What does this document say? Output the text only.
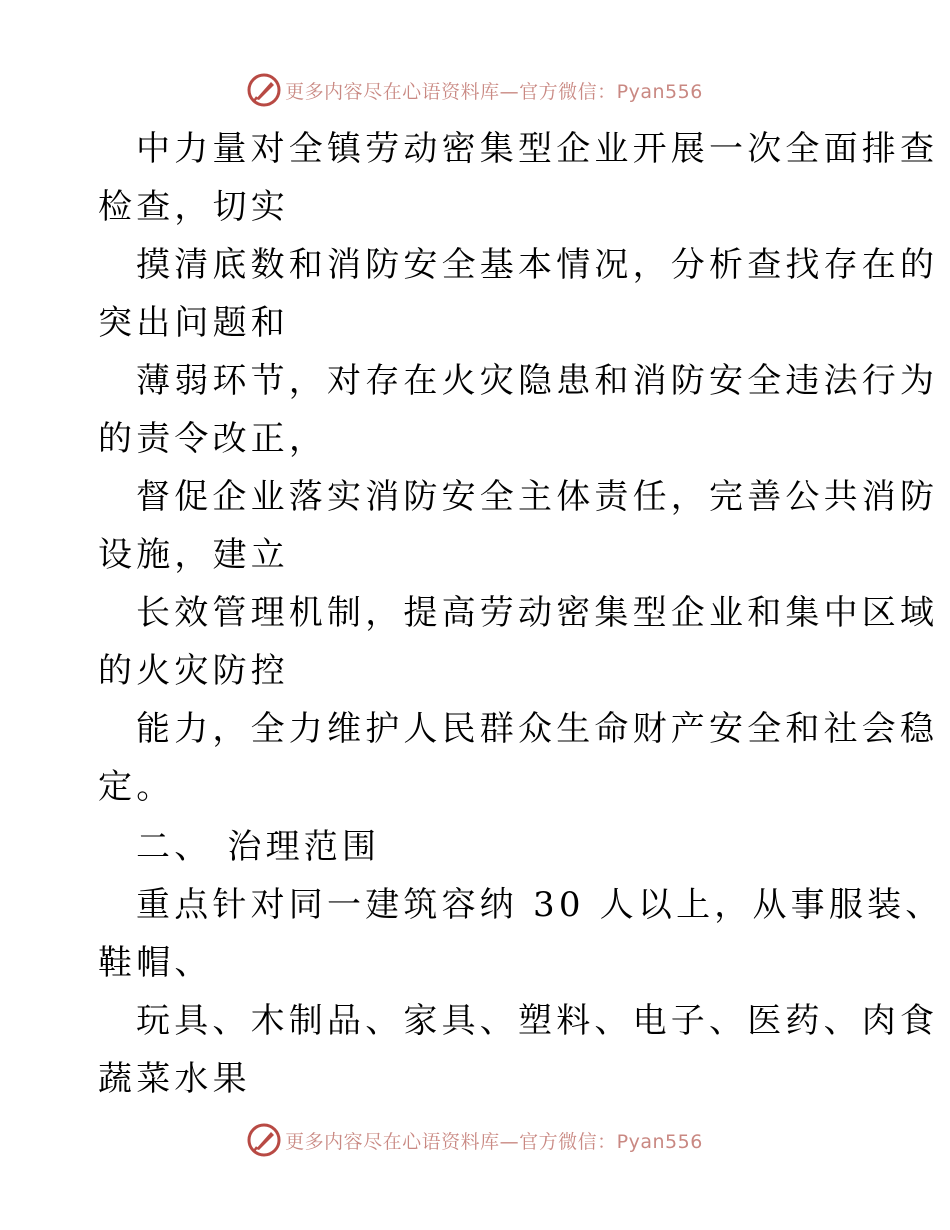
更多内容尽在心语资料库—官方微信：Pyan556
中力量对全镇劳动密集型企业开展一次全面排查
检查，切实
摸清底数和消防安全基本情况，分析查找存在的
突出问题和
薄弱环节，对存在火灾隐患和消防安全违法行为
的责令改正，
督促企业落实消防安全主体责任，完善公共消防
设施，建立
长效管理机制，提高劳动密集型企业和集中区域
的火灾防控
能力，全力维护人民群众生命财产安全和社会稳
定。
二、 治理范围
重点针对同一建筑容纳 30 人以上，从事服装、
鞋帽、
玩具、木制品、家具、塑料、电子、医药、肉食
蔬菜水果
更多内容尽在心语资料库—官方微信：Pyan556
